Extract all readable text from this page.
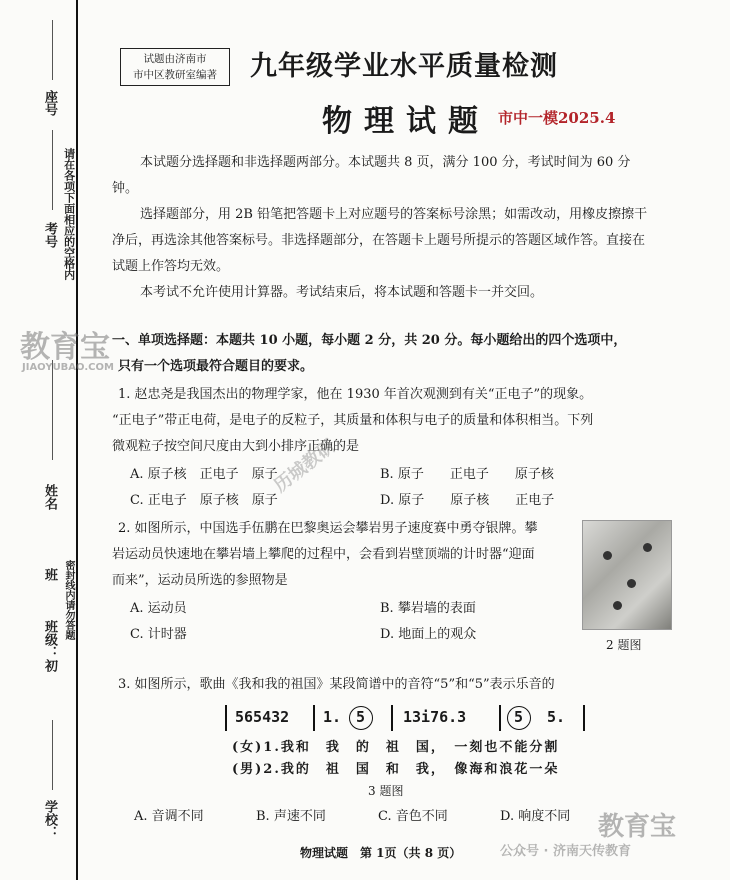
座号
请在各项下面相应的空格内
考号
姓名
班 密封线内请勿答题
班级：初
学校：
试题由济南市
市中区教研室编著	九年级学业水平质量检测
物理试题 市中一模2025.4

本试题分选择题和非选择题两部分。本试题共 8 页，满分 100 分，考试时间为 60 分钟。

选择题部分，用 2B 铅笔把答题卡上对应题号的答案标号涂黑；如需改动，用橡皮擦擦干净后，再选涂其他答案标号。非选择题部分，在答题卡上题号所提示的答题区域作答。直接在试题上作答均无效。

本考试不允许使用计算器。考试结束后，将本试题和答题卡一并交回。

一、单项选择题：本题共 10 小题，每小题 2 分，共 20 分。每小题给出的四个选项中，
只有一个选项最符合题目的要求。
1. 赵忠尧是我国杰出的物理学家，他在 1930 年首次观测到有关“正电子”的现象。
“正电子”带正电荷，是电子的反粒子，其质量和体积与电子的质量和体积相当。下列
微观粒子按空间尺度由大到小排序正确的是
A. 原子核　正电子　原子	B. 原子　　正电子　　原子核
C. 正电子　原子核　原子	D. 原子　　原子核　　正电子
2. 如图所示，中国选手伍鹏在巴黎奥运会攀岩男子速度赛中勇夺银牌。攀
岩运动员快速地在攀岩墙上攀爬的过程中，会看到岩壁顶端的计时器“迎面
而来”，运动员所选的参照物是
A. 运动员	B. 攀岩墙的表面
C. 计时器	D. 地面上的观众
2 题图
3. 如图所示，歌曲《我和我的祖国》某段简谱中的音符“5”和“5”表示乐音的
565432 1. 5	13i76.3	5 5.
(女)1.我和　我　的　祖　国，　一刻也不能分割
(男)2.我的　祖　国　和　我，　像海和浪花一朵
3 题图
A. 音调不同	B. 声速不同	C. 音色不同	D. 响度不同
物理试题　第 1页（共 8 页）
教育宝
JIAOYUBAO.COM
历城教研
公众号 · 济南天传教育
教育宝
